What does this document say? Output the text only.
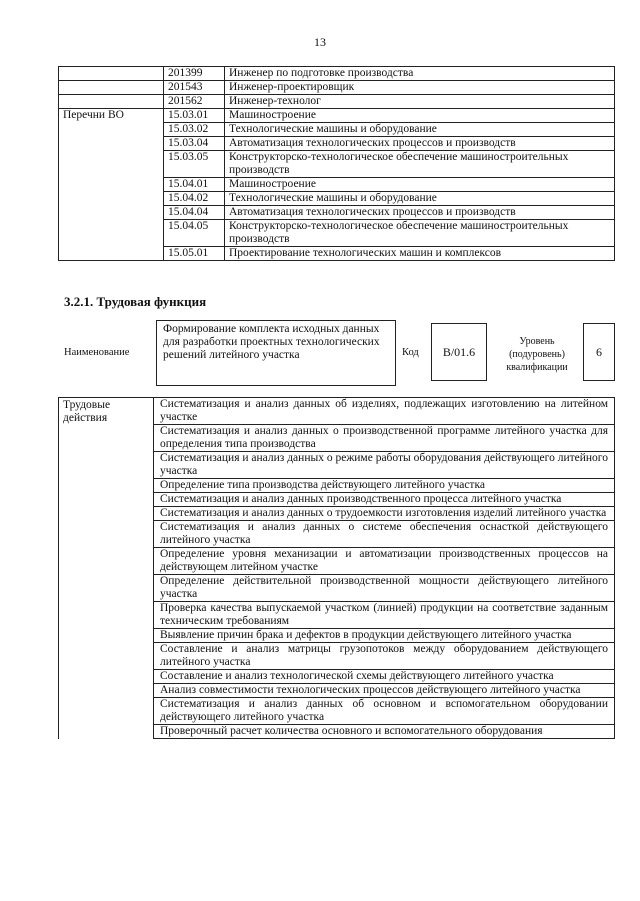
13
	201399	Инженер по подготовке производства
	201543	Инженер-проектировщик
	201562	Инженер-технолог
Перечни ВО	15.03.01	Машиностроение
	15.03.02	Технологические машины и оборудование
	15.03.04	Автоматизация технологических процессов и производств
	15.03.05	Конструкторско-технологическое обеспечение машиностроительных производств
	15.04.01	Машиностроение
	15.04.02	Технологические машины и оборудование
	15.04.04	Автоматизация технологических процессов и производств
	15.04.05	Конструкторско-технологическое обеспечение машиностроительных производств
	15.05.01	Проектирование технологических машин и комплексов
3.2.1. Трудовая функция
Наименование
Формирование комплекта исходных данных для разработки проектных технологических решений литейного участка	Код	B/01.6
Уровень (подуровень) квалификации
6
Трудовые действия	Систематизация и анализ данных об изделиях, подлежащих изготовлению на литейном участке
Систематизация и анализ данных о производственной программе литейного участка для определения типа производства
Систематизация и анализ данных о режиме работы оборудования действующего литейного участка
Определение типа производства действующего литейного участка
Систематизация и анализ данных производственного процесса литейного участка
Систематизация и анализ данных о трудоемкости изготовления изделий литейного участка
Систематизация и анализ данных о системе обеспечения оснасткой действующего литейного участка
Определение уровня механизации и автоматизации производственных процессов на действующем литейном участке
Определение действительной производственной мощности действующего литейного участка
Проверка качества выпускаемой участком (линией) продукции на соответствие заданным техническим требованиям
Выявление причин брака и дефектов в продукции действующего литейного участка
Составление и анализ матрицы грузопотоков между оборудованием действующего литейного участка
Составление и анализ технологической схемы действующего литейного участка
Анализ совместимости технологических процессов действующего литейного участка
Систематизация и анализ данных об основном и вспомогательном оборудовании действующего литейного участка
Проверочный расчет количества основного и вспомогательного оборудования
